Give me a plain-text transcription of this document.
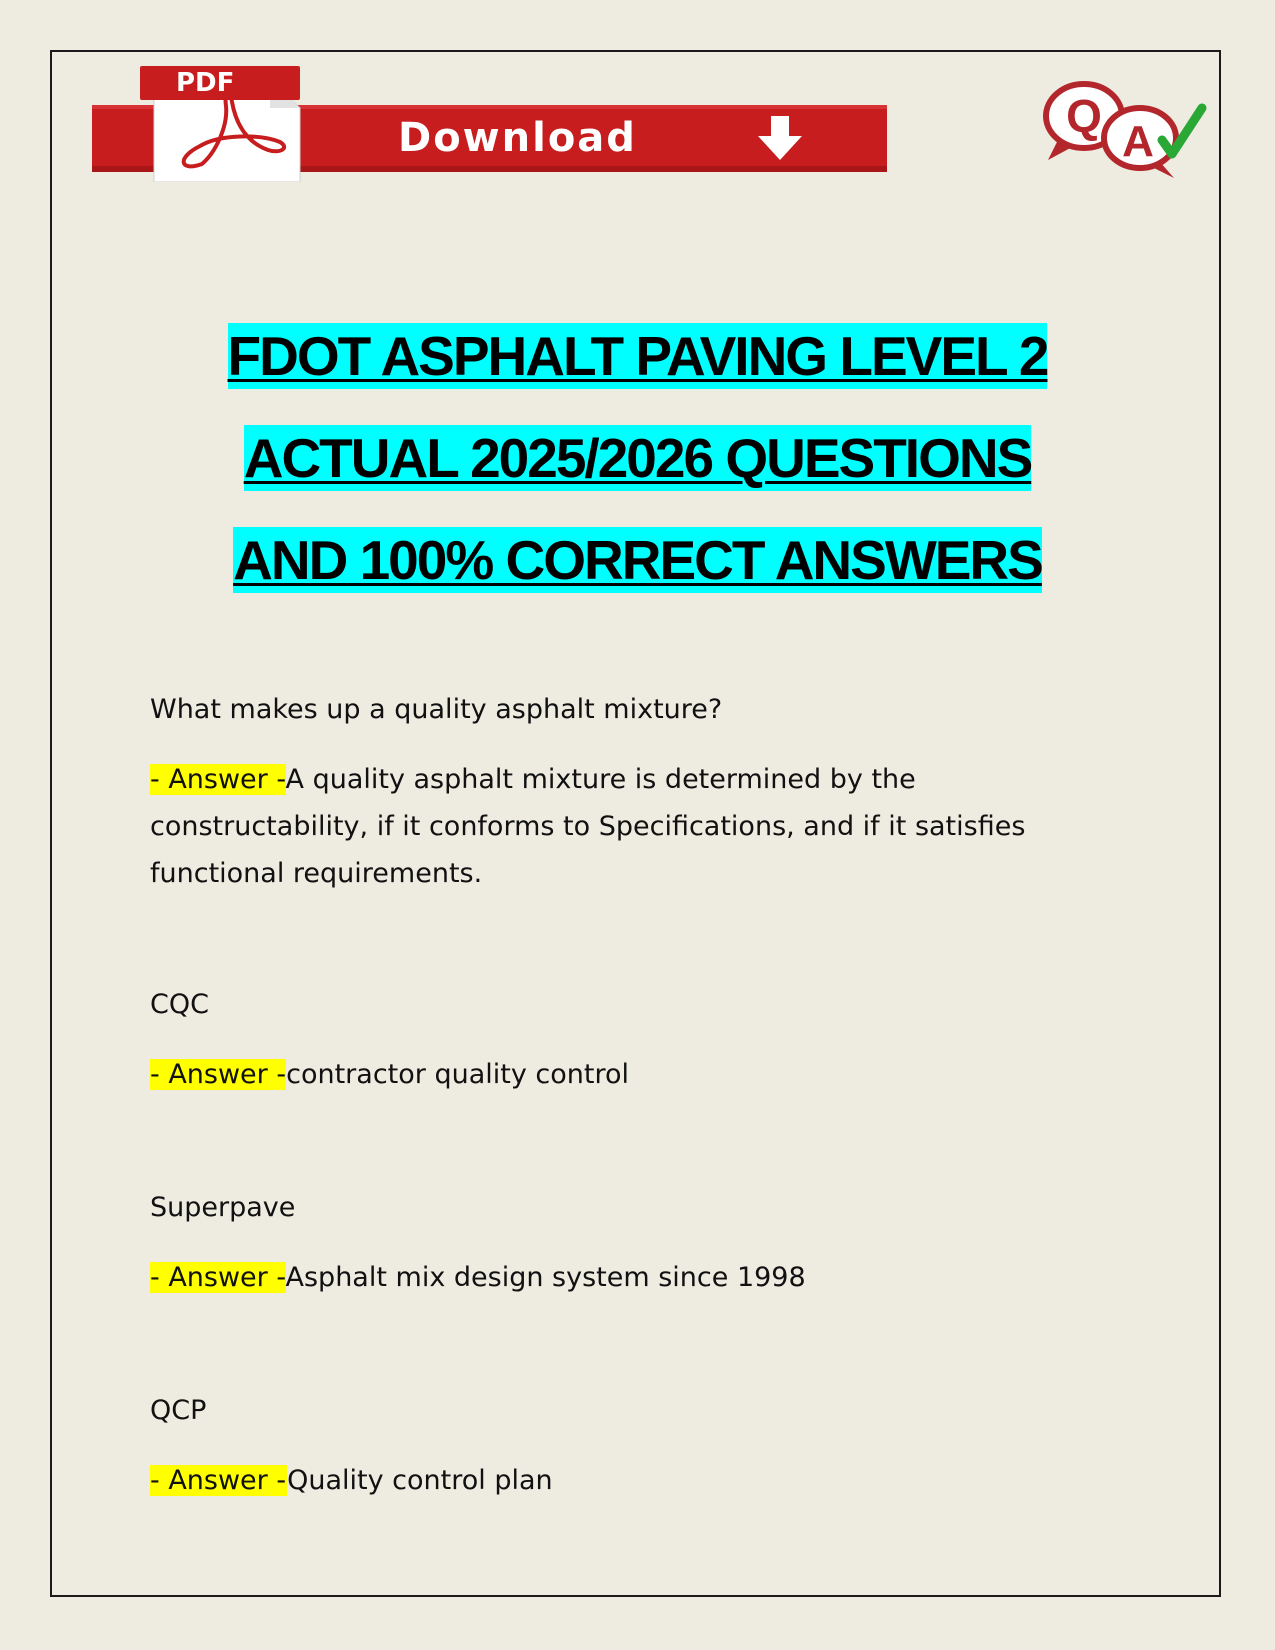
Download
PDF
Q A
FDOT ASPHALT PAVING LEVEL 2
ACTUAL 2025/2026 QUESTIONS
AND 100% CORRECT ANSWERS

What makes up a quality asphalt mixture?

- Answer -A quality asphalt mixture is determined by the constructability, if it conforms to Specifications, and if it satisfies functional requirements.

CQC

- Answer -contractor quality control

Superpave

- Answer -Asphalt mix design system since 1998

QCP

- Answer -Quality control plan
